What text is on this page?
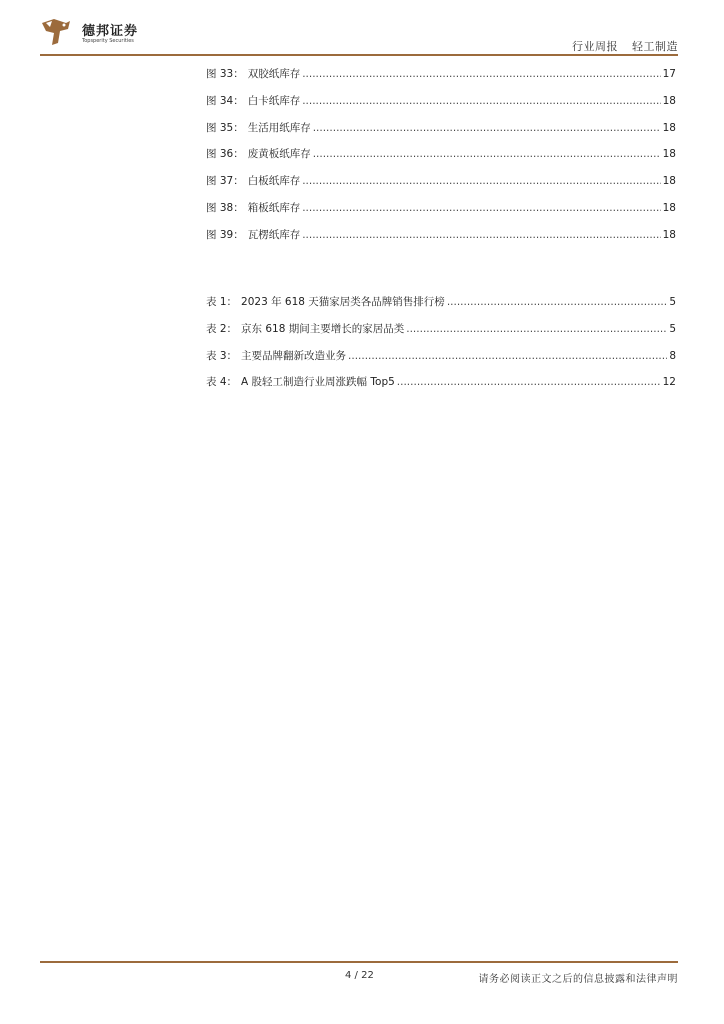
德邦证券
Topsperity Securities	行业周报 轻工制造
图 33： 双胶纸库存 .....	17
图 34： 白卡纸库存 .....	18
图 35： 生活用纸库存 .....	18
图 36： 废黄板纸库存 .....	18
图 37： 白板纸库存 .....	18
图 38： 箱板纸库存 .....	18
图 39： 瓦楞纸库存 .....	18
表 1： 2023 年 618 天猫家居类各品牌销售排行榜 .....	5
表 2： 京东 618 期间主要增长的家居品类 .....	5
表 3： 主要品牌翻新改造业务 .....	8
表 4： A 股轻工制造行业周涨跌幅 Top5 .....	12
4 / 22	请务必阅读正文之后的信息披露和法律声明
